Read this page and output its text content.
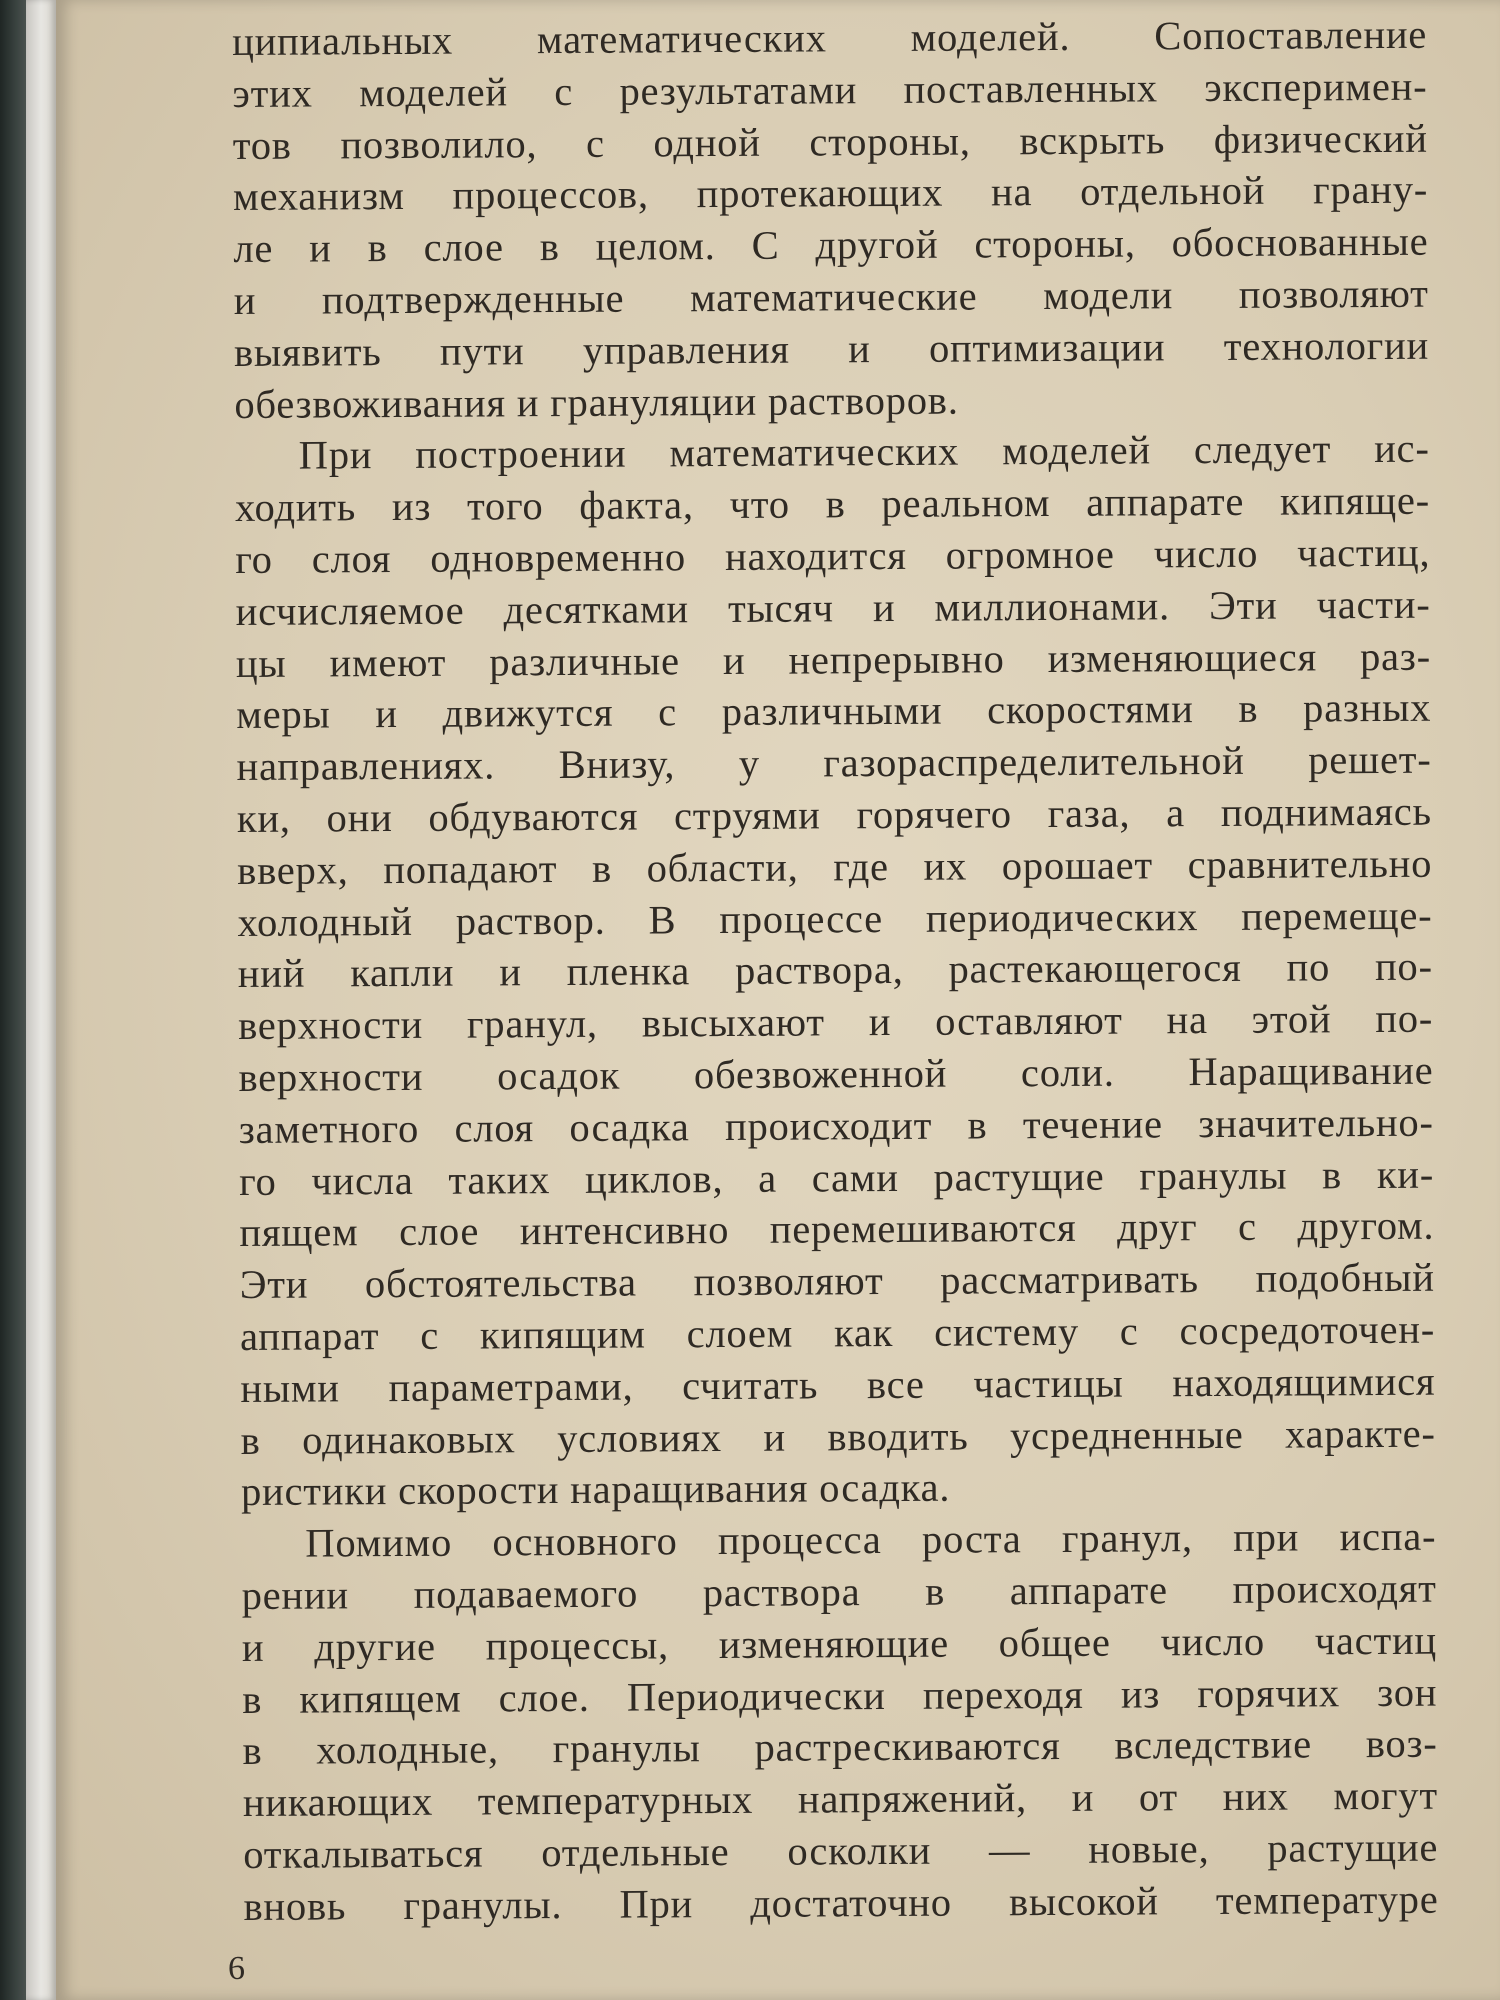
ципиальных математических моделей. Сопоставление
этих моделей с результатами поставленных эксперимен-
тов позволило, с одной стороны, вскрыть физический
механизм процессов, протекающих на отдельной грану-
ле и в слое в целом. С другой стороны, обоснованные
и подтвержденные математические модели позволяют
выявить пути управления и оптимизации технологии
обезвоживания и грануляции растворов.
При построении математических моделей следует ис-
ходить из того факта, что в реальном аппарате кипяще-
го слоя одновременно находится огромное число частиц,
исчисляемое десятками тысяч и миллионами. Эти части-
цы имеют различные и непрерывно изменяющиеся раз-
меры и движутся с различными скоростями в разных
направлениях. Внизу, у газораспределительной решет-
ки, они обдуваются струями горячего газа, а поднимаясь
вверх, попадают в области, где их орошает сравнительно
холодный раствор. В процессе периодических перемеще-
ний капли и пленка раствора, растекающегося по по-
верхности гранул, высыхают и оставляют на этой по-
верхности осадок обезвоженной соли. Наращивание
заметного слоя осадка происходит в течение значительно-
го числа таких циклов, а сами растущие гранулы в ки-
пящем слое интенсивно перемешиваются друг с другом.
Эти обстоятельства позволяют рассматривать подобный
аппарат с кипящим слоем как систему с сосредоточен-
ными параметрами, считать все частицы находящимися
в одинаковых условиях и вводить усредненные характе-
ристики скорости наращивания осадка.
Помимо основного процесса роста гранул, при испа-
рении подаваемого раствора в аппарате происходят
и другие процессы, изменяющие общее число частиц
в кипящем слое. Периодически переходя из горячих зон
в холодные, гранулы растрескиваются вследствие воз-
никающих температурных напряжений, и от них могут
откалываться отдельные осколки — новые, растущие
вновь гранулы. При достаточно высокой температуре
6
